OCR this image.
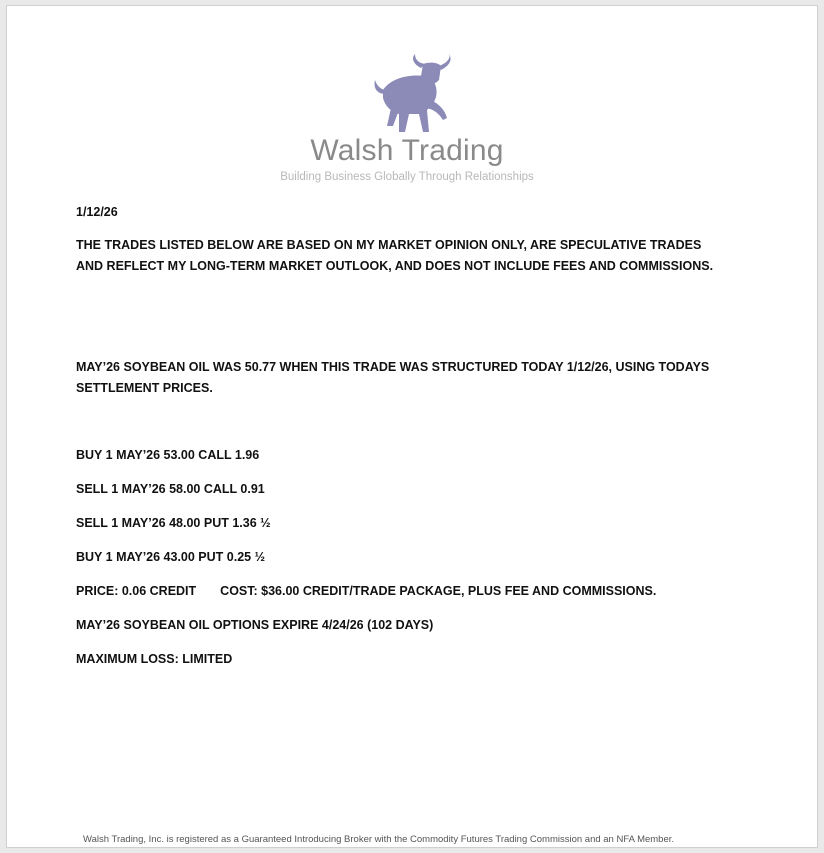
Walsh Trading
Building Business Globally Through Relationships
1/12/26
THE TRADES LISTED BELOW ARE BASED ON MY MARKET OPINION ONLY, ARE SPECULATIVE TRADES AND REFLECT MY LONG-TERM MARKET OUTLOOK, AND DOES NOT INCLUDE FEES AND COMMISSIONS.
MAY’26 SOYBEAN OIL WAS 50.77 WHEN THIS TRADE WAS STRUCTURED TODAY 1/12/26, USING TODAYS SETTLEMENT PRICES.
BUY 1 MAY’26 53.00 CALL 1.96
SELL 1 MAY’26 58.00 CALL 0.91
SELL 1 MAY’26 48.00 PUT 1.36 ½
BUY 1 MAY’26 43.00 PUT 0.25 ½
PRICE: 0.06 CREDIT COST: $36.00 CREDIT/TRADE PACKAGE, PLUS FEE AND COMMISSIONS.
MAY’26 SOYBEAN OIL OPTIONS EXPIRE 4/24/26 (102 DAYS)
MAXIMUM LOSS: LIMITED
Walsh Trading, Inc. is registered as a Guaranteed Introducing Broker with the Commodity Futures Trading Commission and an NFA Member.
